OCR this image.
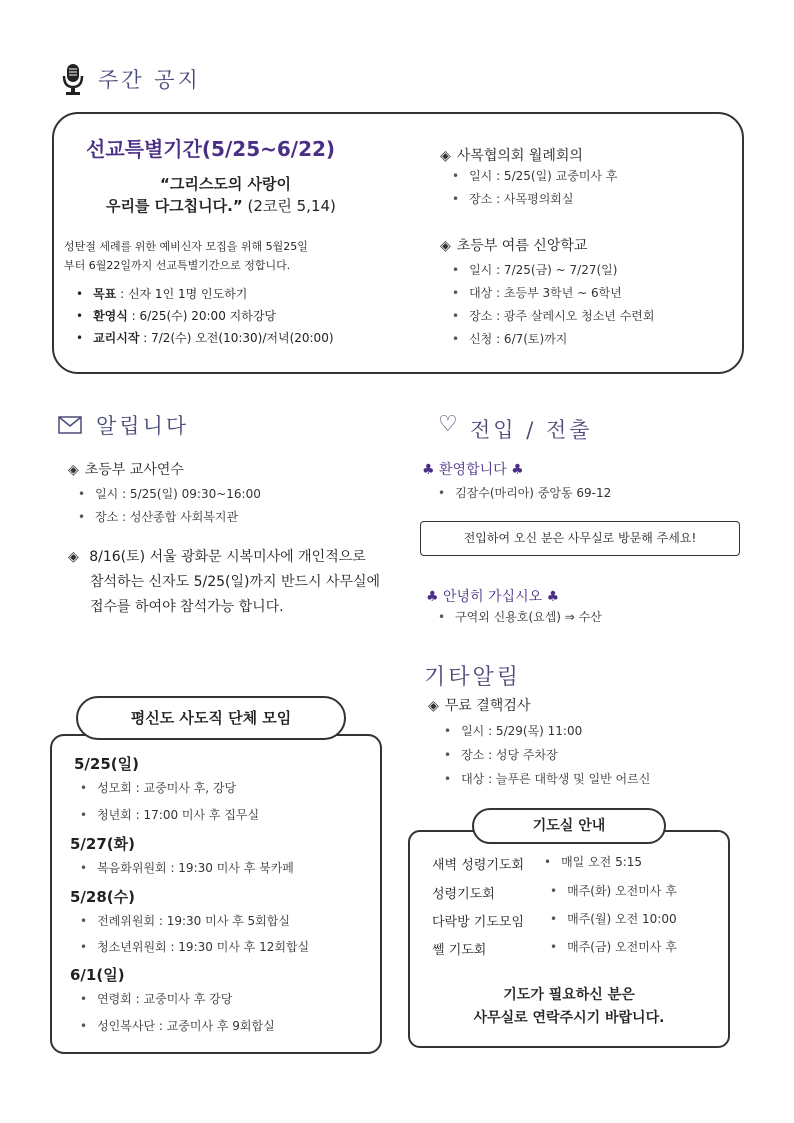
주간 공지
선교특별기간(5/25~6/22)
“그리스도의 사랑이
우리를 다그칩니다.” (2코린 5,14)
성탄절 세례를 위한 예비신자 모집을 위해 5월25일
부터 6월22일까지 선교특별기간으로 정합니다.
• 목표 : 신자 1인 1명 인도하기
• 환영식 : 6/25(수) 20:00 지하강당
• 교리시작 : 7/2(수) 오전(10:30)/저녁(20:00)
◈ 사목협의회 월례회의
• 일시 : 5/25(일) 교중미사 후
• 장소 : 사목평의회실
◈ 초등부 여름 신앙학교
• 일시 : 7/25(금) ~ 7/27(일)
• 대상 : 초등부 3학년 ~ 6학년
• 장소 : 광주 살레시오 청소년 수련회
• 신청 : 6/7(토)까지
알립니다
◈ 초등부 교사연수
• 일시 : 5/25(일) 09:30~16:00
• 장소 : 성산종합 사회복지관
◈ 8/16(토) 서울 광화문 시복미사에 개인적으로
참석하는 신자도 5/25(일)까지 반드시 사무실에
접수를 하여야 참석가능 합니다.
♡ 전입 / 전출
♣ 환영합니다 ♣
• 김잠수(마리아) 중앙동 69-12
전입하여 오신 분은 사무실로 방문해 주세요!
♣ 안녕히 가십시오 ♣
• 구역외 신용호(요셉) ⇒ 수산
기타알림
◈ 무료 결핵검사
• 일시 : 5/29(목) 11:00
• 장소 : 성당 주차장
• 대상 : 늘푸른 대학생 및 일반 어르신
평신도 사도직 단체 모임
5/25(일)
• 성모회 : 교중미사 후, 강당
• 청년회 : 17:00 미사 후 집무실
5/27(화)
• 복음화위원회 : 19:30 미사 후 북카페
5/28(수)
• 전례위원회 : 19:30 미사 후 5회합실
• 청소년위원회 : 19:30 미사 후 12회합실
6/1(일)
• 연령회 : 교중미사 후 강당
• 성인복사단 : 교중미사 후 9회합실
기도실 안내
새벽 성령기도회 • 매일 오전 5:15
성령기도회	• 매주(화) 오전미사 후
다락방 기도모임 • 매주(월) 오전 10:00
쎌 기도회	• 매주(금) 오전미사 후
기도가 필요하신 분은
사무실로 연락주시기 바랍니다.
